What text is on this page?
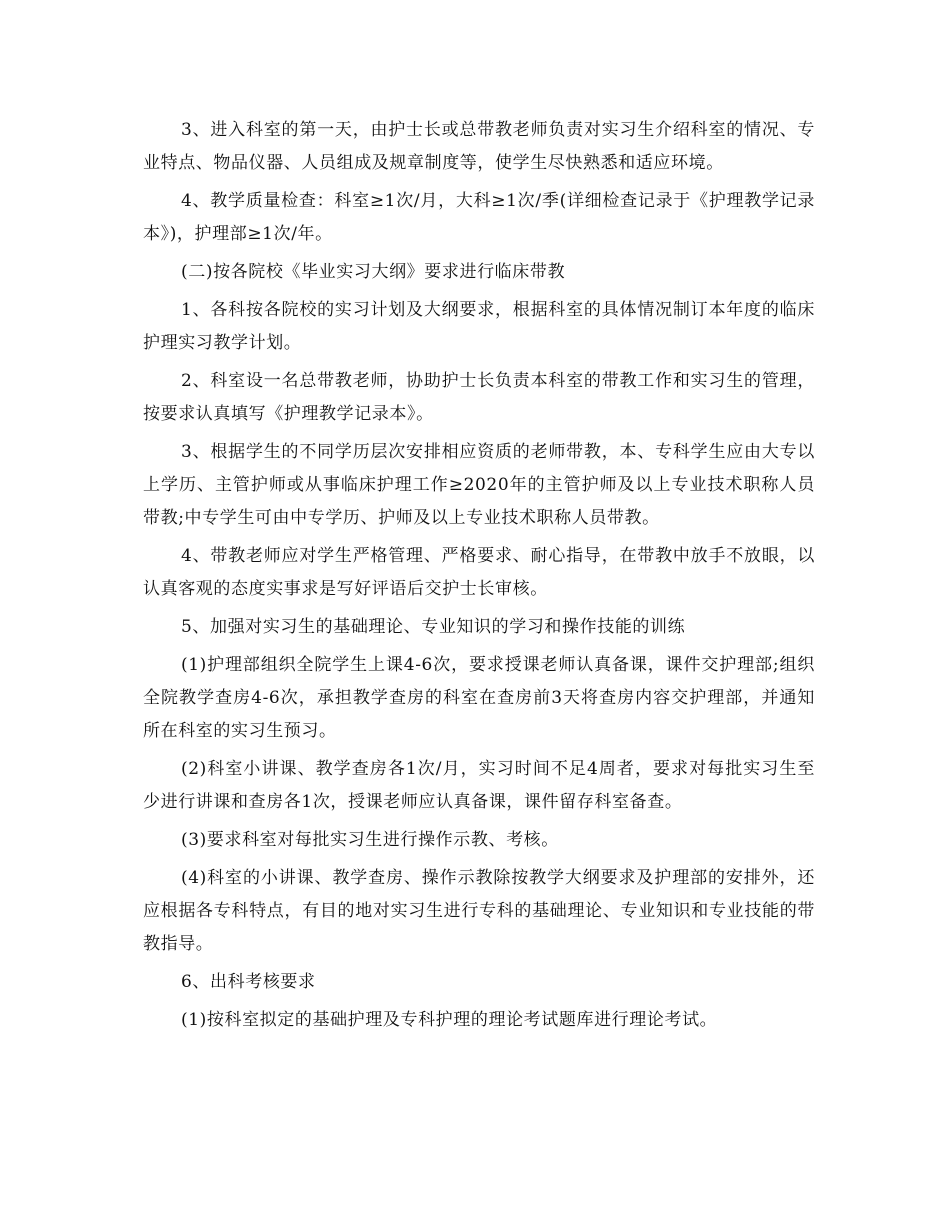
3、进入科室的第一天，由护士长或总带教老师负责对实习生介绍科室的情况、专业特点、物品仪器、人员组成及规章制度等，使学生尽快熟悉和适应环境。

4、教学质量检查：科室≥1次/月，大科≥1次/季(详细检查记录于《护理教学记录本》)，护理部≥1次/年。

(二)按各院校《毕业实习大纲》要求进行临床带教

1、各科按各院校的实习计划及大纲要求，根据科室的具体情况制订本年度的临床护理实习教学计划。

2、科室设一名总带教老师，协助护士长负责本科室的带教工作和实习生的管理，按要求认真填写《护理教学记录本》。

3、根据学生的不同学历层次安排相应资质的老师带教，本、专科学生应由大专以上学历、主管护师或从事临床护理工作≥2020年的主管护师及以上专业技术职称人员带教;中专学生可由中专学历、护师及以上专业技术职称人员带教。

4、带教老师应对学生严格管理、严格要求、耐心指导，在带教中放手不放眼，以认真客观的态度实事求是写好评语后交护士长审核。

5、加强对实习生的基础理论、专业知识的学习和操作技能的训练

(1)护理部组织全院学生上课4-6次，要求授课老师认真备课，课件交护理部;组织全院教学查房4-6次，承担教学查房的科室在查房前3天将查房内容交护理部，并通知所在科室的实习生预习。

(2)科室小讲课、教学查房各1次/月，实习时间不足4周者，要求对每批实习生至少进行讲课和查房各1次，授课老师应认真备课，课件留存科室备查。

(3)要求科室对每批实习生进行操作示教、考核。

(4)科室的小讲课、教学查房、操作示教除按教学大纲要求及护理部的安排外，还应根据各专科特点，有目的地对实习生进行专科的基础理论、专业知识和专业技能的带教指导。

6、出科考核要求

(1)按科室拟定的基础护理及专科护理的理论考试题库进行理论考试。
